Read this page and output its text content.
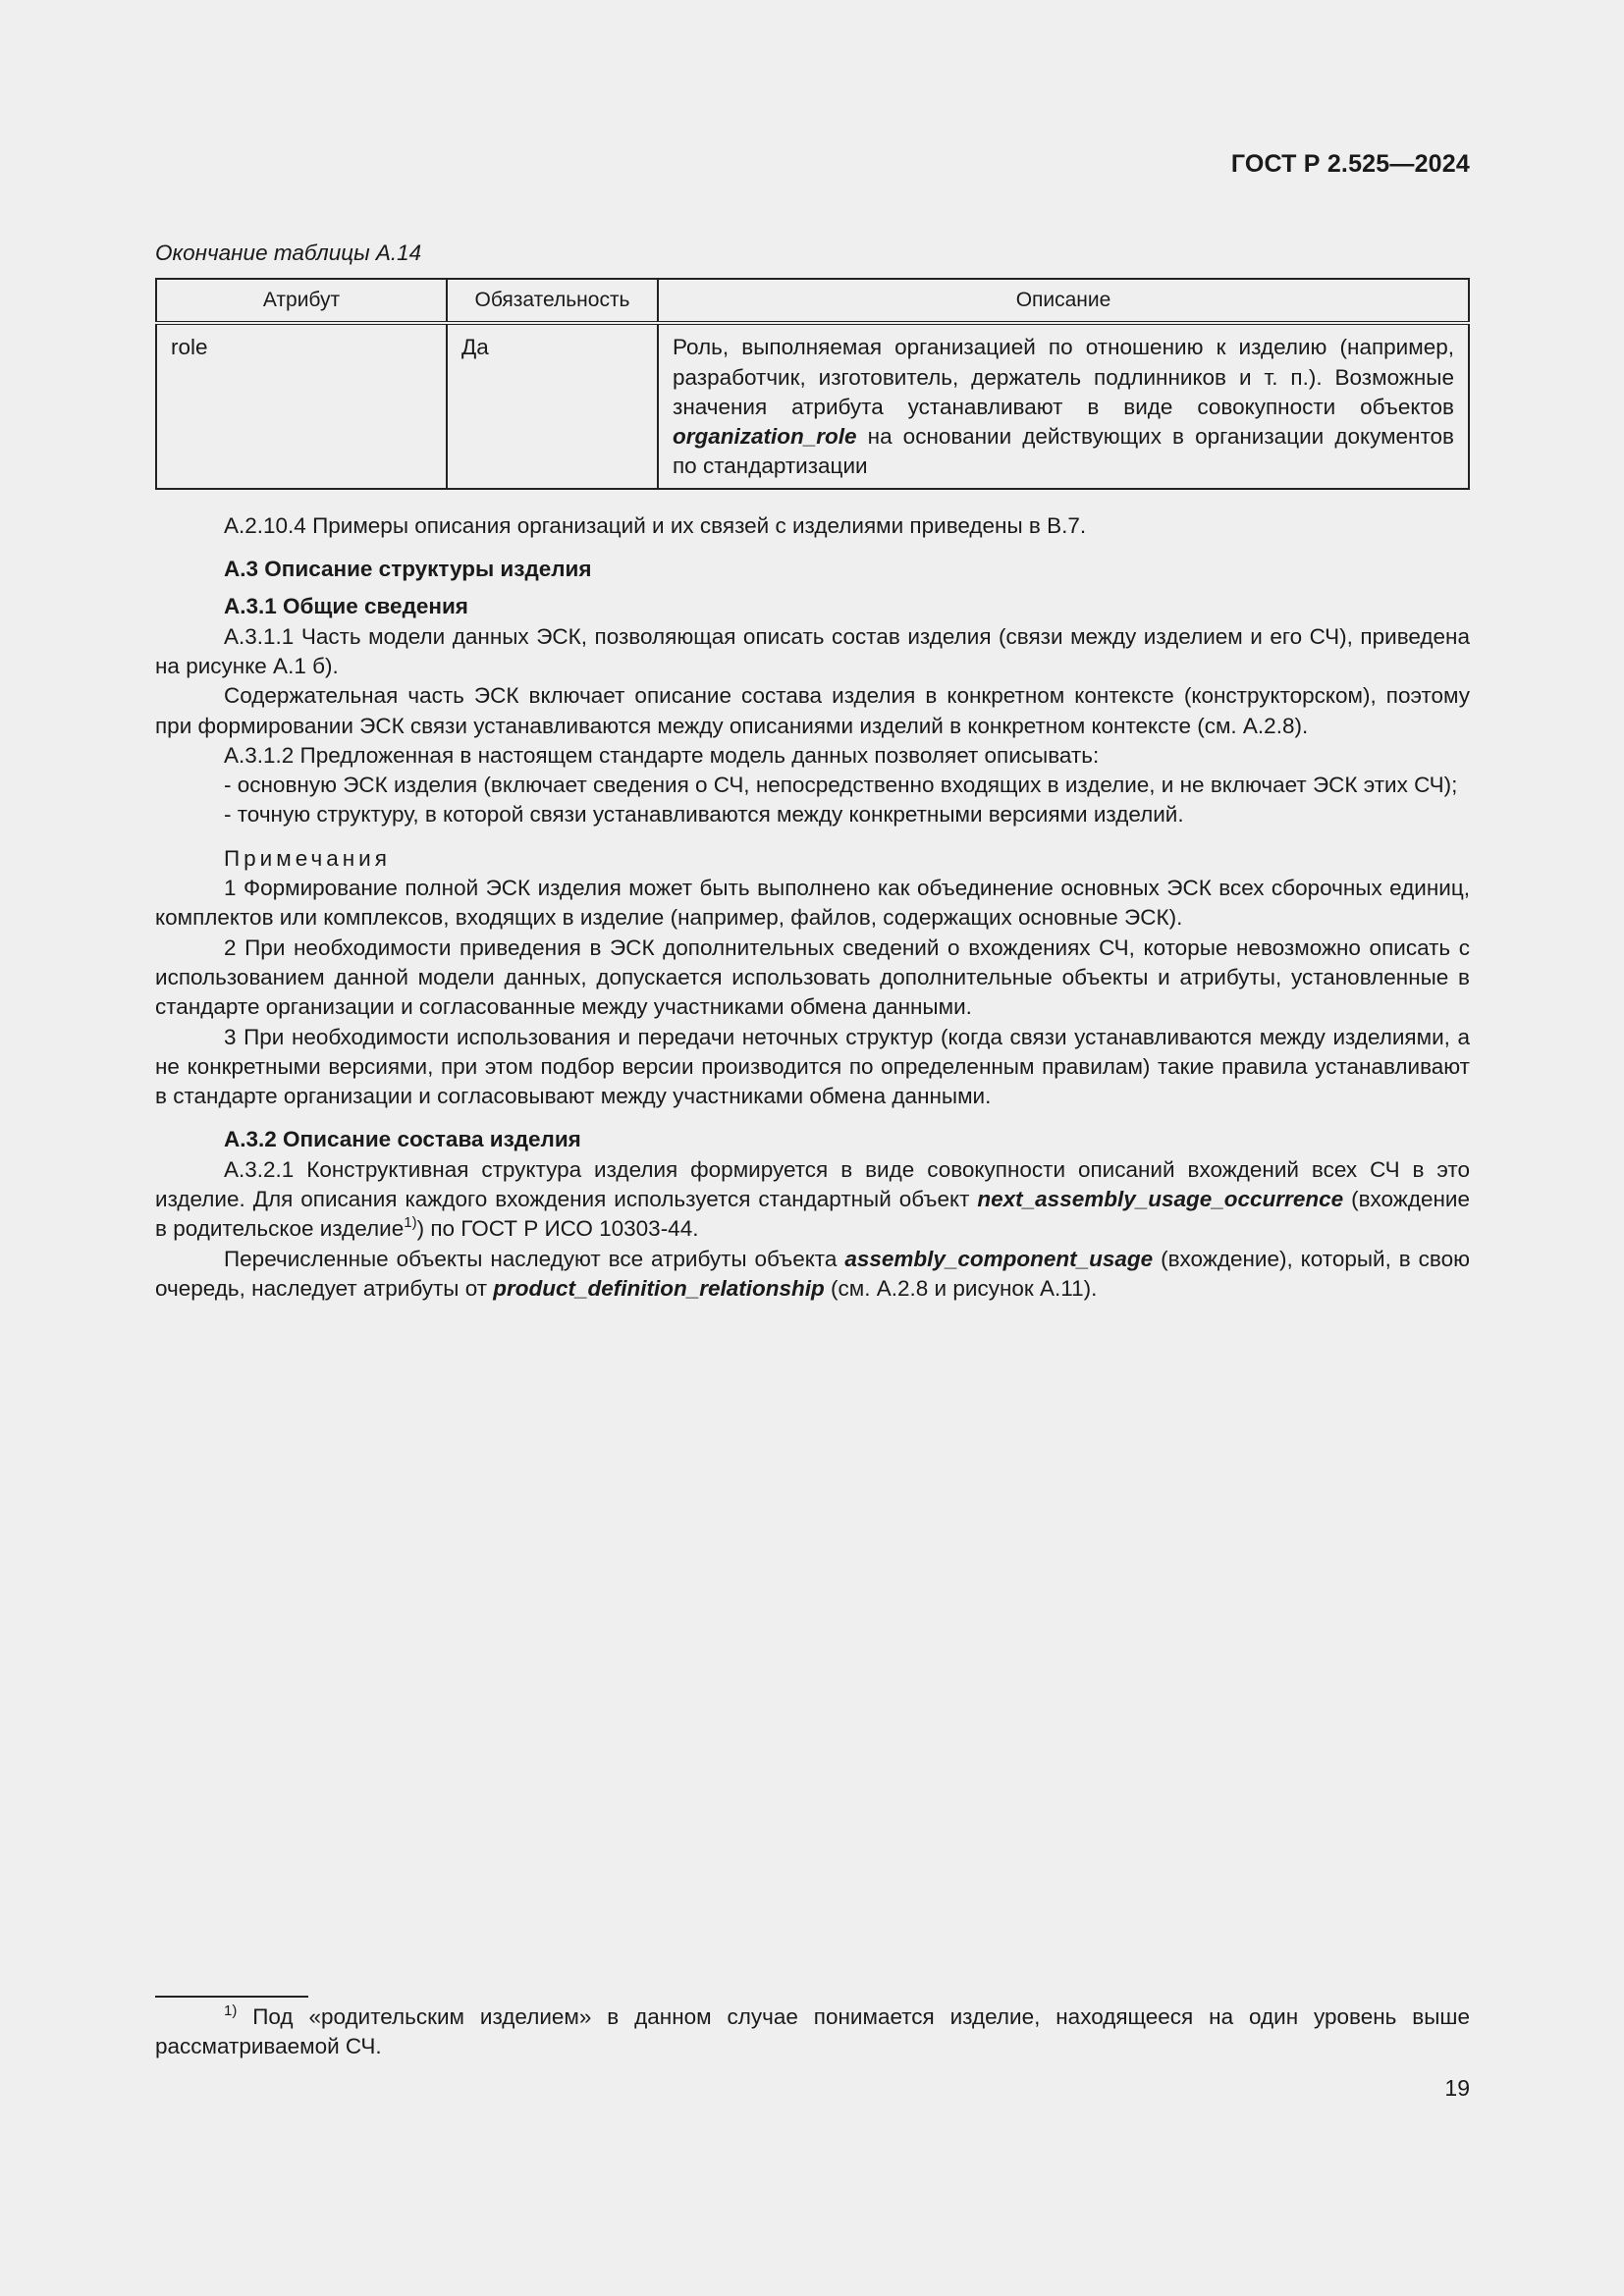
ГОСТ Р 2.525—2024

Окончание таблицы А.14

Атрибут	Обязательность	Описание
role	Да	Роль, выполняемая организацией по отношению к изделию (например, разработчик, изготовитель, держатель подлинников и т. п.). Возможные значения атрибута устанавливают в виде совокупности объектов organization_role на основании действующих в организации документов по стандартизации

А.2.10.4 Примеры описания организаций и их связей с изделиями приведены в В.7.

А.3 Описание структуры изделия

А.3.1 Общие сведения

А.3.1.1 Часть модели данных ЭСК, позволяющая описать состав изделия (связи между изделием и его СЧ), приведена на рисунке А.1 б).

Содержательная часть ЭСК включает описание состава изделия в конкретном контексте (конструкторском), поэтому при формировании ЭСК связи устанавливаются между описаниями изделий в конкретном контексте (см. А.2.8).

А.3.1.2 Предложенная в настоящем стандарте модель данных позволяет описывать:

- основную ЭСК изделия (включает сведения о СЧ, непосредственно входящих в изделие, и не включает ЭСК этих СЧ);

- точную структуру, в которой связи устанавливаются между конкретными версиями изделий.

Примечания

1 Формирование полной ЭСК изделия может быть выполнено как объединение основных ЭСК всех сборочных единиц, комплектов или комплексов, входящих в изделие (например, файлов, содержащих основные ЭСК).

2 При необходимости приведения в ЭСК дополнительных сведений о вхождениях СЧ, которые невозможно описать с использованием данной модели данных, допускается использовать дополнительные объекты и атрибуты, установленные в стандарте организации и согласованные между участниками обмена данными.

3 При необходимости использования и передачи неточных структур (когда связи устанавливаются между изделиями, а не конкретными версиями, при этом подбор версии производится по определенным правилам) такие правила устанавливают в стандарте организации и согласовывают между участниками обмена данными.

А.3.2 Описание состава изделия

А.3.2.1 Конструктивная структура изделия формируется в виде совокупности описаний вхождений всех СЧ в это изделие. Для описания каждого вхождения используется стандартный объект next_assembly_usage_occurrence (вхождение в родительское изделие$^{1)}$) по ГОСТ Р ИСО 10303-44.

Перечисленные объекты наследуют все атрибуты объекта assembly_component_usage (вхождение), который, в свою очередь, наследует атрибуты от product_definition_relationship (см. А.2.8 и рисунок А.11).

$^{1)}$ Под «родительским изделием» в данном случае понимается изделие, находящееся на один уровень выше рассматриваемой СЧ.

19
